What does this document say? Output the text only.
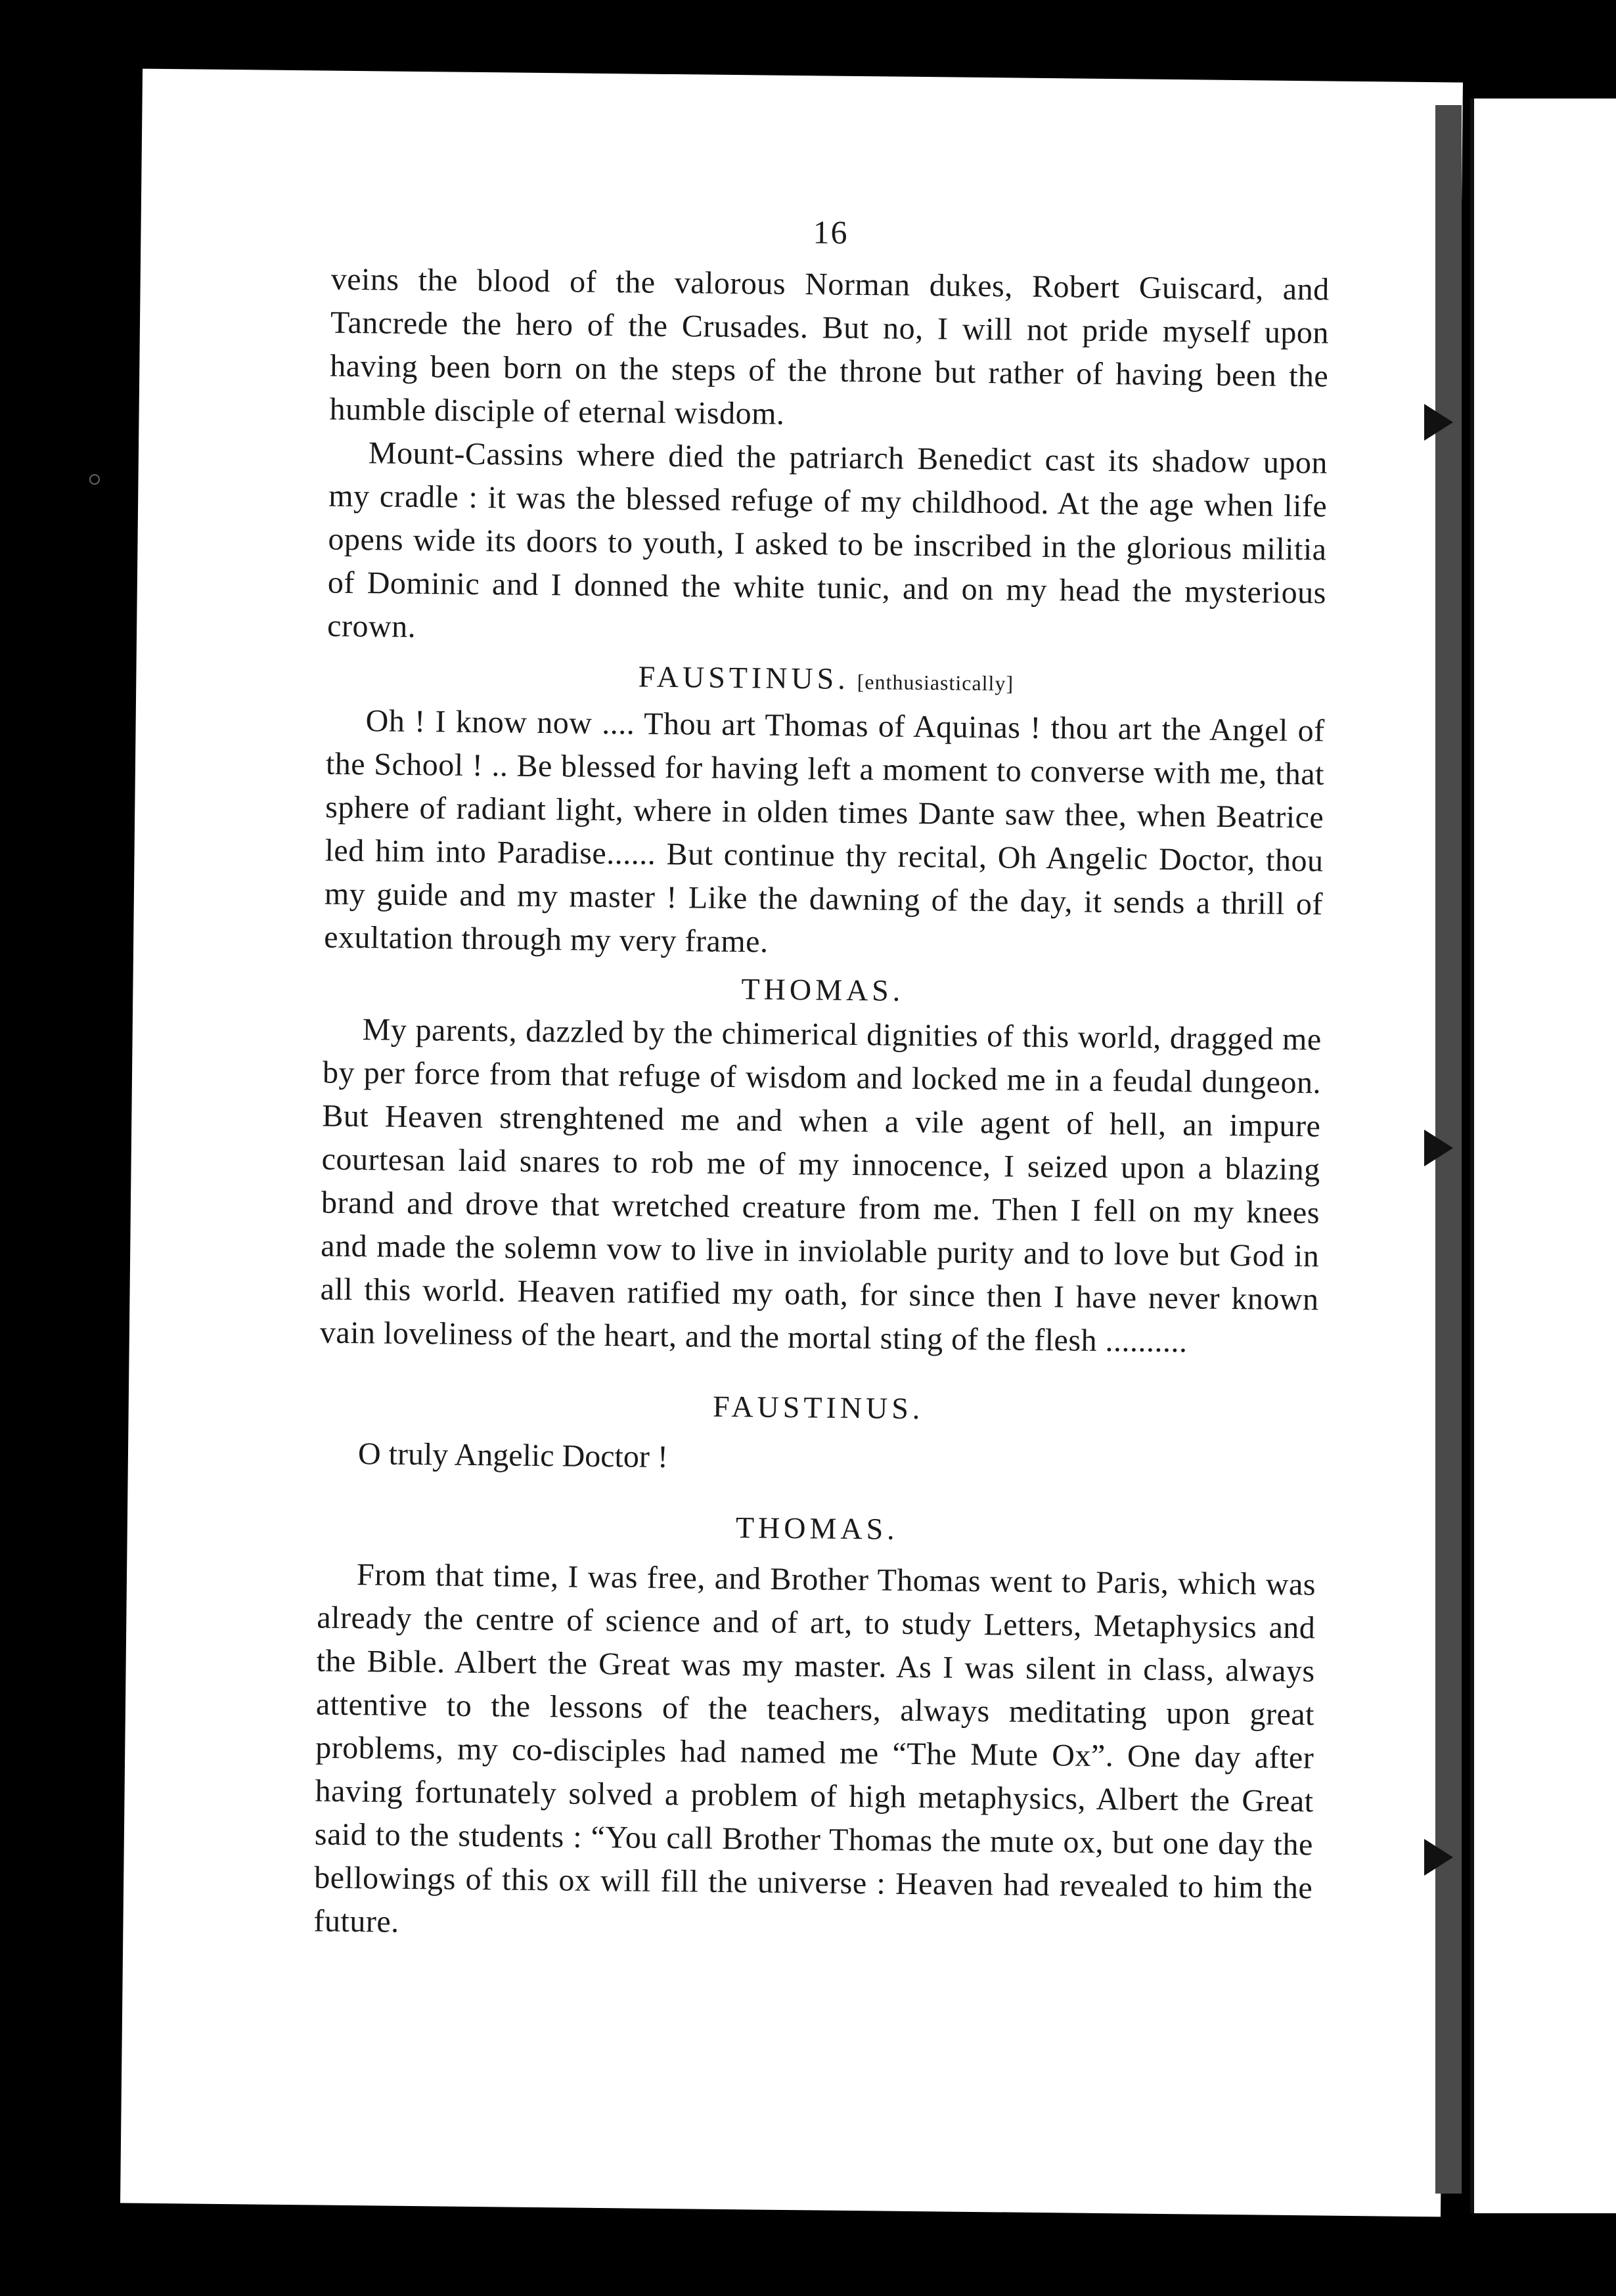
16

veins the blood of the valorous Norman dukes, Robert Guiscard, and Tancrede the hero of the Crusades. But no, I will not pride myself upon having been born on the steps of the throne but rather of having been the humble disciple of eternal wisdom.

Mount-Cassins where died the patriarch Benedict cast its shadow upon my cradle : it was the blessed refuge of my childhood. At the age when life opens wide its doors to youth, I asked to be inscribed in the glorious militia of Dominic and I donned the white tunic, and on my head the mysterious crown.

FAUSTINUS. [enthusiastically]

Oh ! I know now .... Thou art Thomas of Aquinas ! thou art the Angel of the School ! .. Be blessed for having left a moment to converse with me, that sphere of radiant light, where in olden times Dante saw thee, when Beatrice led him into Paradise...... But continue thy recital, Oh Angelic Doctor, thou my guide and my master ! Like the dawning of the day, it sends a thrill of exultation through my very frame.

THOMAS.

My parents, dazzled by the chimerical dignities of this world, dragged me by per force from that refuge of wisdom and locked me in a feudal dungeon. But Heaven strenghtened me and when a vile agent of hell, an impure courtesan laid snares to rob me of my innocence, I seized upon a blazing brand and drove that wretched creature from me. Then I fell on my knees and made the solemn vow to live in inviolable purity and to love but God in all this world. Heaven ratified my oath, for since then I have never known vain loveliness of the heart, and the mortal sting of the flesh ..........

FAUSTINUS.

O truly Angelic Doctor !

THOMAS.

From that time, I was free, and Brother Thomas went to Paris, which was already the centre of science and of art, to study Letters, Metaphysics and the Bible. Albert the Great was my master. As I was silent in class, always attentive to the lessons of the teachers, always meditating upon great problems, my co-disciples had named me “The Mute Ox”. One day after having fortunately solved a problem of high metaphysics, Albert the Great said to the students : “You call Brother Thomas the mute ox, but one day the bellowings of this ox will fill the universe : Heaven had revealed to him the future.
